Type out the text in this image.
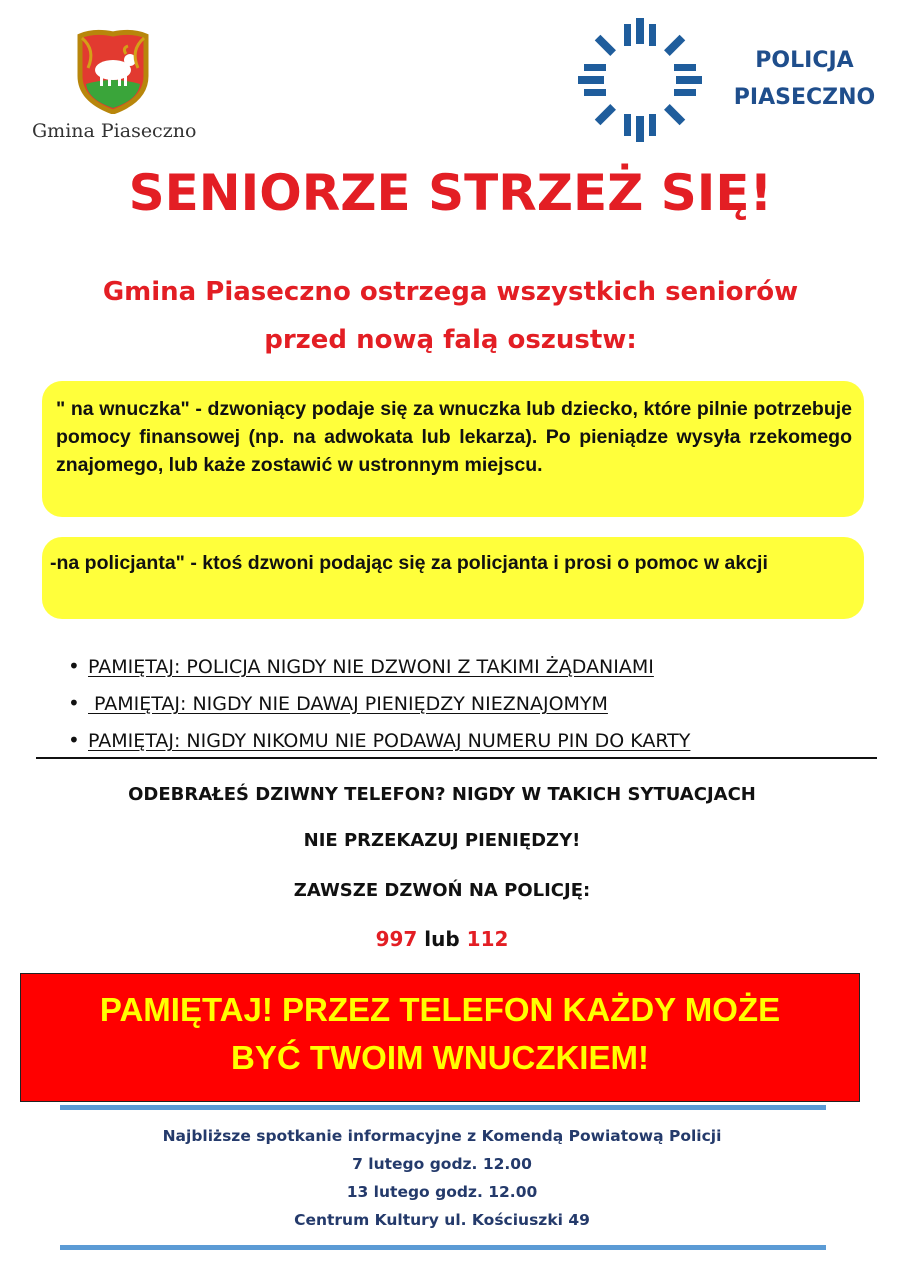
Gmina Piaseczno
POLICJA
PIASECZNO
SENIORZE STRZEŻ SIĘ!
Gmina Piaseczno ostrzega wszystkich seniorów
przed nową falą oszustw:
" na wnuczka" - dzwoniący podaje się za wnuczka lub dziecko, które pilnie potrzebuje pomocy finansowej (np. na adwokata lub lekarza). Po pieniądze wysyła rzekomego znajomego, lub każe zostawić w ustronnym miejscu.
-na policjanta" - ktoś dzwoni podając się za policjanta i prosi o pomoc w akcji
• PAMIĘTAJ: POLICJA NIGDY NIE DZWONI Z TAKIMI ŻĄDANIAMI
• PAMIĘTAJ: NIGDY NIE DAWAJ PIENIĘDZY NIEZNAJOMYM
• PAMIĘTAJ: NIGDY NIKOMU NIE PODAWAJ NUMERU PIN DO KARTY
ODEBRAŁEŚ DZIWNY TELEFON? NIGDY W TAKICH SYTUACJACH
NIE PRZEKAZUJ PIENIĘDZY!
ZAWSZE DZWOŃ NA POLICJĘ:
997 lub 112
PAMIĘTAJ! PRZEZ TELEFON KAŻDY MOŻE
BYĆ TWOIM WNUCZKIEM!
Najbliższe spotkanie informacyjne z Komendą Powiatową Policji
7 lutego godz. 12.00
13 lutego godz. 12.00
Centrum Kultury ul. Kościuszki 49
